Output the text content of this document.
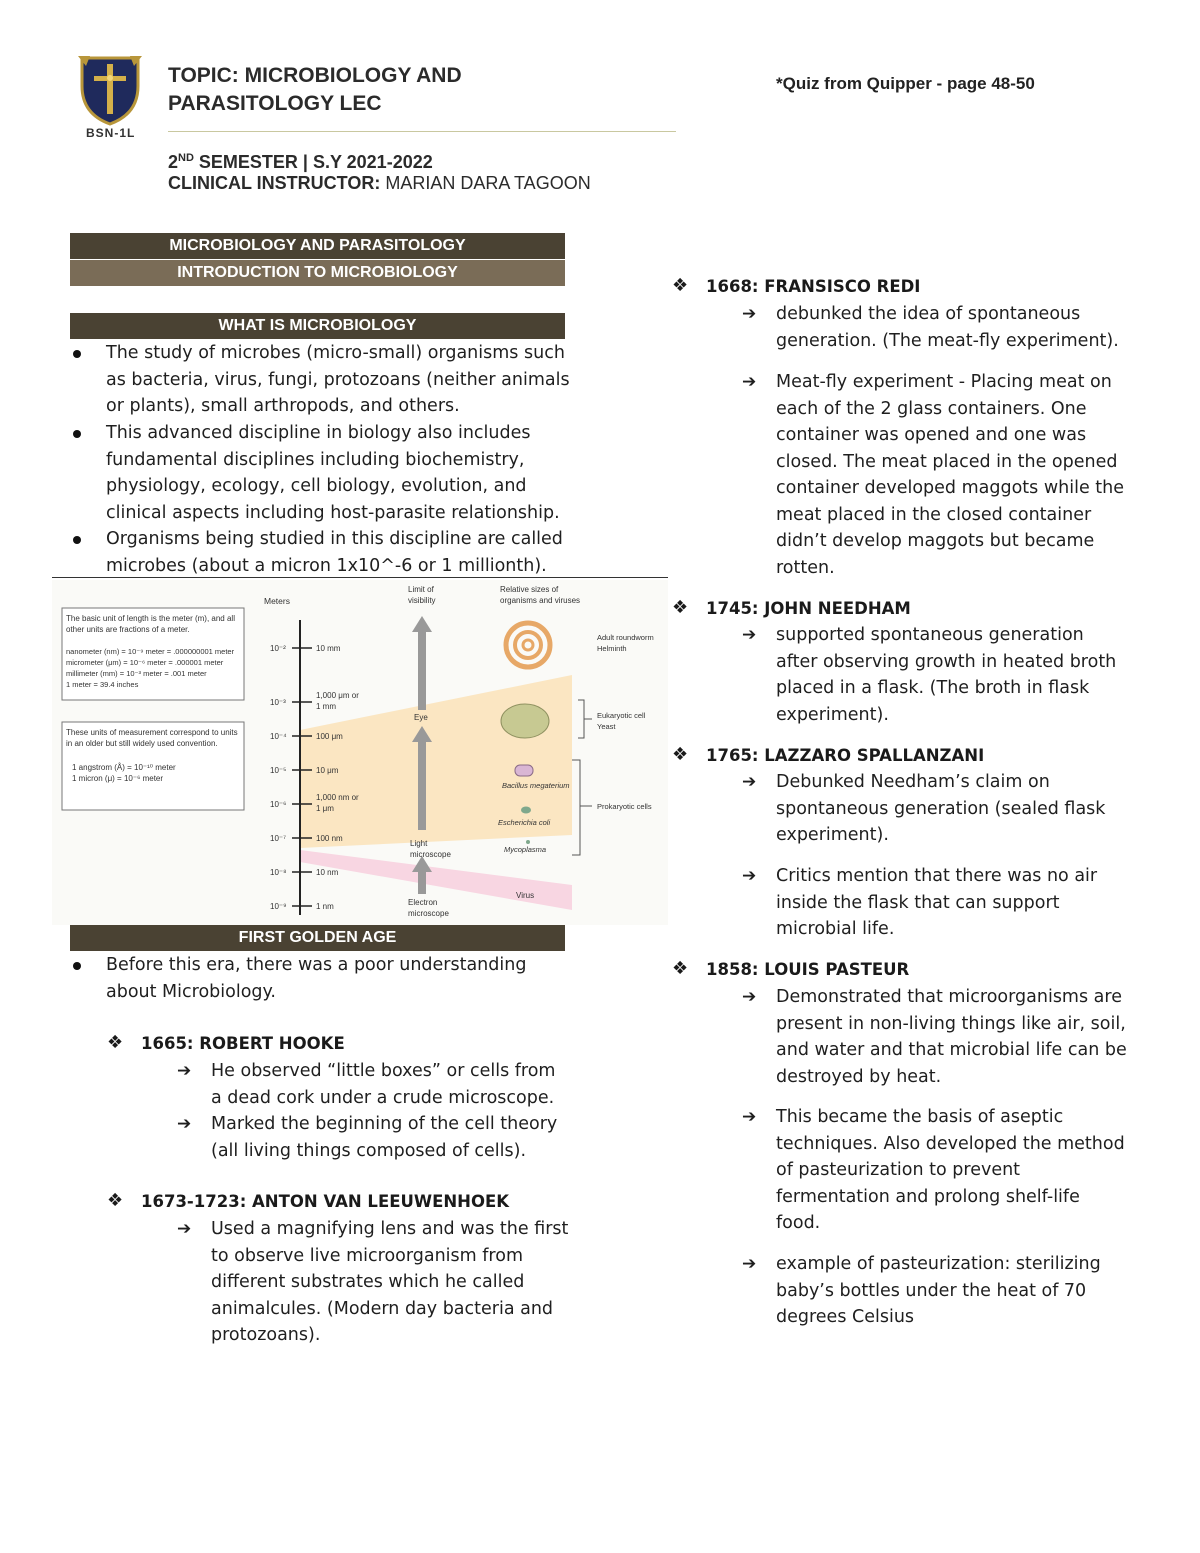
BSN-1L
TOPIC: MICROBIOLOGY AND
PARASITOLOGY LEC
2ND SEMESTER | S.Y 2021-2022
CLINICAL INSTRUCTOR: MARIAN DARA TAGOON
*Quiz from Quipper - page 48-50
MICROBIOLOGY AND PARASITOLOGY
INTRODUCTION TO MICROBIOLOGY
WHAT IS MICROBIOLOGY
The study of microbes (micro-small) organisms such
as bacteria, virus, fungi, protozoans (neither animals
or plants), small arthropods, and others.
This advanced discipline in biology also includes
fundamental disciplines including biochemistry,
physiology, ecology, cell biology, evolution, and
clinical aspects including host-parasite relationship.
Organisms being studied in this discipline are called
microbes (about a micron 1x10^-6 or 1 millionth).
The basic unit of length is the meter (m), and all
other units are fractions of a meter.
nanometer (nm) = 10⁻⁹ meter = .000000001 meter
micrometer (μm) = 10⁻⁶ meter = .000001 meter
millimeter (mm) = 10⁻³ meter = .001 meter
1 meter = 39.4 inches
These units of measurement correspond to units
in an older but still widely used convention.
1 angstrom (Å) = 10⁻¹⁰ meter
1 micron (μ) = 10⁻⁶ meter
Meters
Limit of
visibility
Relative sizes of
organisms and viruses
10⁻²	10 mm
10⁻³
1,000 μm or
1 mm
10⁻⁴	100 μm
10⁻⁵	10 μm
10⁻⁶
1,000 nm or
1 μm
10⁻⁷	100 nm
10⁻⁸	10 nm
10⁻⁹	1 nm
Eye
Light
microscope
Electron
microscope
Bacillus megaterium
Escherichia coli
Mycoplasma
Virus
Adult roundworm
Helminth
Eukaryotic cell
Yeast
Prokaryotic cells
FIRST GOLDEN AGE
Before this era, there was a poor understanding
about Microbiology.
❖ 1665: ROBERT HOOKE
➔ He observed “little boxes” or cells from
a dead cork under a crude microscope.
➔ Marked the beginning of the cell theory
(all living things composed of cells).
❖ 1673-1723: ANTON VAN LEEUWENHOEK
➔ Used a magnifying lens and was the first
to observe live microorganism from
different substrates which he called
animalcules. (Modern day bacteria and
protozoans).
❖ 1668: FRANSISCO REDI
➔ debunked the idea of spontaneous
generation. (The meat-fly experiment).
➔ Meat-fly experiment - Placing meat on
each of the 2 glass containers. One
container was opened and one was
closed. The meat placed in the opened
container developed maggots while the
meat placed in the closed container
didn’t develop maggots but became
rotten.
❖ 1745: JOHN NEEDHAM
➔ supported spontaneous generation
after observing growth in heated broth
placed in a flask. (The broth in flask
experiment).
❖ 1765: LAZZARO SPALLANZANI
➔ Debunked Needham’s claim on
spontaneous generation (sealed flask
experiment).
➔ Critics mention that there was no air
inside the flask that can support
microbial life.
❖ 1858: LOUIS PASTEUR
➔ Demonstrated that microorganisms are
present in non-living things like air, soil,
and water and that microbial life can be
destroyed by heat.
➔ This became the basis of aseptic
techniques. Also developed the method
of pasteurization to prevent
fermentation and prolong shelf-life
food.
➔ example of pasteurization: sterilizing
baby’s bottles under the heat of 70
degrees Celsius
